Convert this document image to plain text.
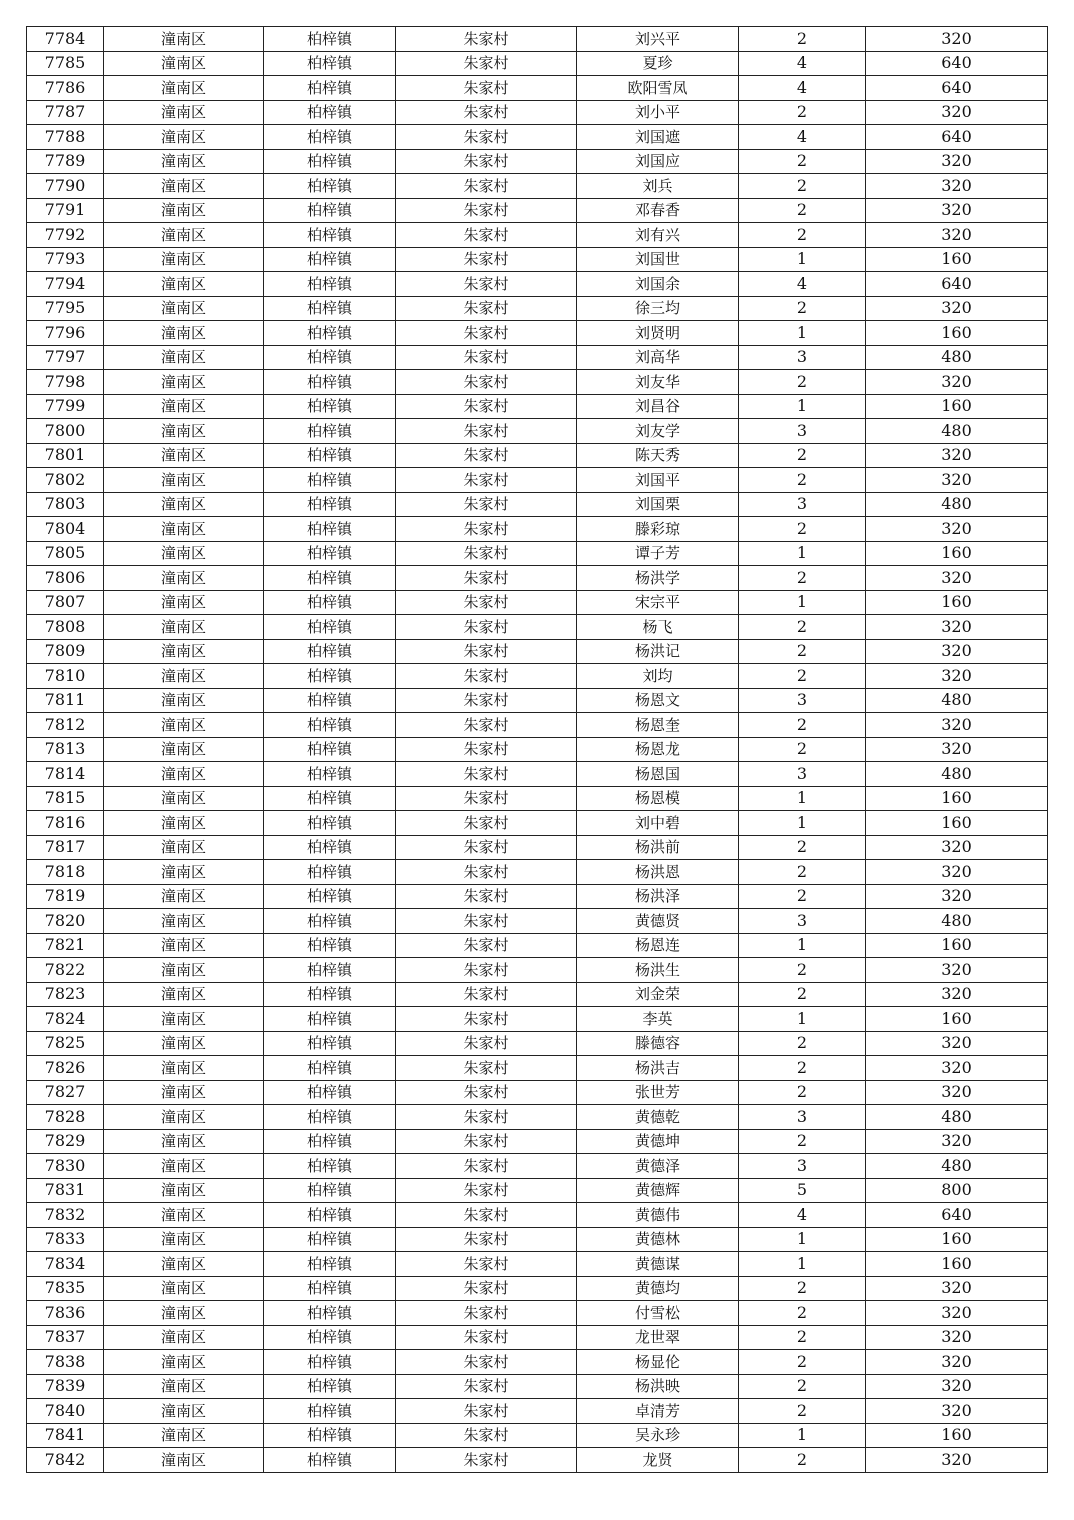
7784	潼南区	柏梓镇	朱家村	刘兴平	2	320
7785	潼南区	柏梓镇	朱家村	夏珍	4	640
7786	潼南区	柏梓镇	朱家村	欧阳雪凤	4	640
7787	潼南区	柏梓镇	朱家村	刘小平	2	320
7788	潼南区	柏梓镇	朱家村	刘国遮	4	640
7789	潼南区	柏梓镇	朱家村	刘国应	2	320
7790	潼南区	柏梓镇	朱家村	刘兵	2	320
7791	潼南区	柏梓镇	朱家村	邓春香	2	320
7792	潼南区	柏梓镇	朱家村	刘有兴	2	320
7793	潼南区	柏梓镇	朱家村	刘国世	1	160
7794	潼南区	柏梓镇	朱家村	刘国余	4	640
7795	潼南区	柏梓镇	朱家村	徐三均	2	320
7796	潼南区	柏梓镇	朱家村	刘贤明	1	160
7797	潼南区	柏梓镇	朱家村	刘高华	3	480
7798	潼南区	柏梓镇	朱家村	刘友华	2	320
7799	潼南区	柏梓镇	朱家村	刘昌谷	1	160
7800	潼南区	柏梓镇	朱家村	刘友学	3	480
7801	潼南区	柏梓镇	朱家村	陈天秀	2	320
7802	潼南区	柏梓镇	朱家村	刘国平	2	320
7803	潼南区	柏梓镇	朱家村	刘国栗	3	480
7804	潼南区	柏梓镇	朱家村	滕彩琼	2	320
7805	潼南区	柏梓镇	朱家村	谭子芳	1	160
7806	潼南区	柏梓镇	朱家村	杨洪学	2	320
7807	潼南区	柏梓镇	朱家村	宋宗平	1	160
7808	潼南区	柏梓镇	朱家村	杨飞	2	320
7809	潼南区	柏梓镇	朱家村	杨洪记	2	320
7810	潼南区	柏梓镇	朱家村	刘均	2	320
7811	潼南区	柏梓镇	朱家村	杨恩文	3	480
7812	潼南区	柏梓镇	朱家村	杨恩奎	2	320
7813	潼南区	柏梓镇	朱家村	杨恩龙	2	320
7814	潼南区	柏梓镇	朱家村	杨恩国	3	480
7815	潼南区	柏梓镇	朱家村	杨恩模	1	160
7816	潼南区	柏梓镇	朱家村	刘中碧	1	160
7817	潼南区	柏梓镇	朱家村	杨洪前	2	320
7818	潼南区	柏梓镇	朱家村	杨洪恩	2	320
7819	潼南区	柏梓镇	朱家村	杨洪泽	2	320
7820	潼南区	柏梓镇	朱家村	黄德贤	3	480
7821	潼南区	柏梓镇	朱家村	杨恩连	1	160
7822	潼南区	柏梓镇	朱家村	杨洪生	2	320
7823	潼南区	柏梓镇	朱家村	刘金荣	2	320
7824	潼南区	柏梓镇	朱家村	李英	1	160
7825	潼南区	柏梓镇	朱家村	滕德容	2	320
7826	潼南区	柏梓镇	朱家村	杨洪吉	2	320
7827	潼南区	柏梓镇	朱家村	张世芳	2	320
7828	潼南区	柏梓镇	朱家村	黄德乾	3	480
7829	潼南区	柏梓镇	朱家村	黄德坤	2	320
7830	潼南区	柏梓镇	朱家村	黄德泽	3	480
7831	潼南区	柏梓镇	朱家村	黄德辉	5	800
7832	潼南区	柏梓镇	朱家村	黄德伟	4	640
7833	潼南区	柏梓镇	朱家村	黄德林	1	160
7834	潼南区	柏梓镇	朱家村	黄德谋	1	160
7835	潼南区	柏梓镇	朱家村	黄德均	2	320
7836	潼南区	柏梓镇	朱家村	付雪松	2	320
7837	潼南区	柏梓镇	朱家村	龙世翠	2	320
7838	潼南区	柏梓镇	朱家村	杨显伦	2	320
7839	潼南区	柏梓镇	朱家村	杨洪映	2	320
7840	潼南区	柏梓镇	朱家村	卓清芳	2	320
7841	潼南区	柏梓镇	朱家村	吴永珍	1	160
7842	潼南区	柏梓镇	朱家村	龙贤	2	320
